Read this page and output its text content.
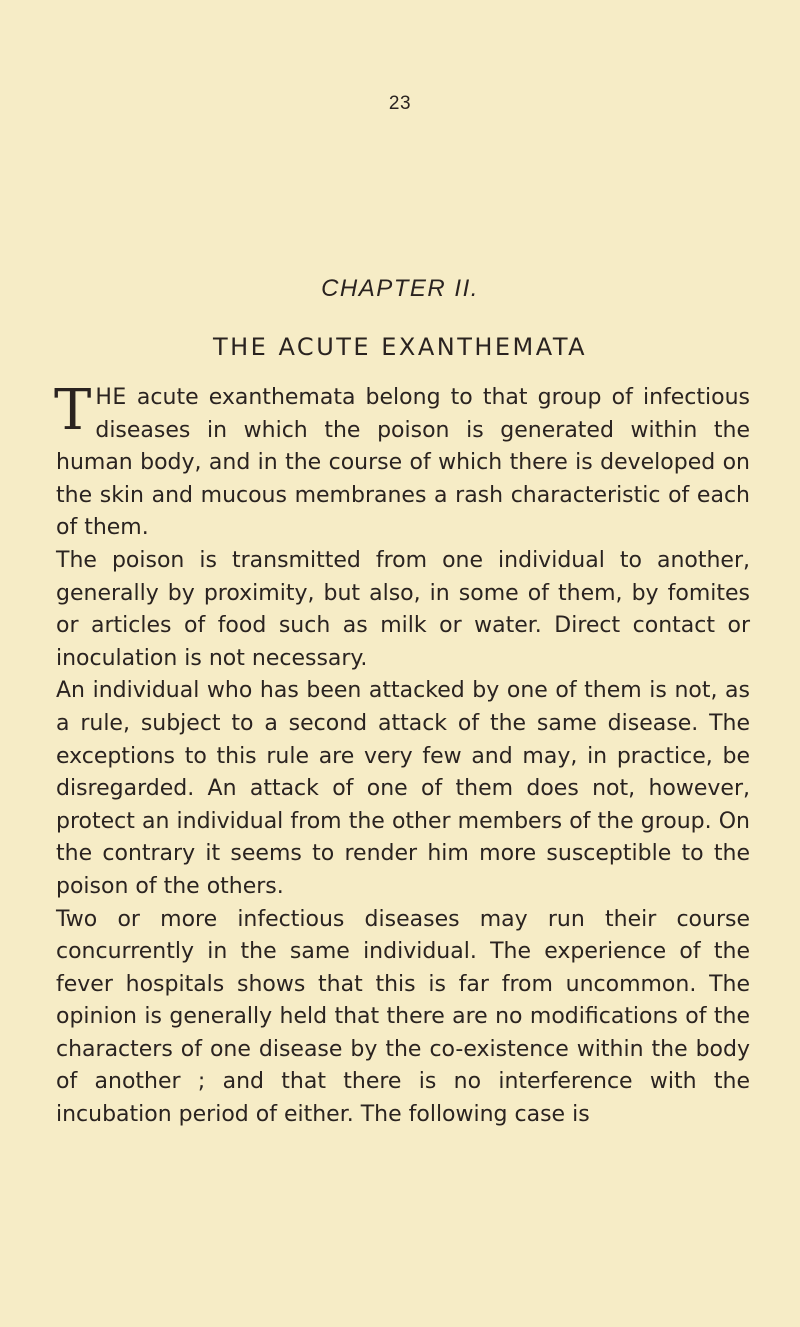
23
CHAPTER II.
THE ACUTE EXANTHEMATA

THE acute exanthemata belong to that group of infectious diseases in which the poison is generated within the human body, and in the course of which there is developed on the skin and mucous membranes a rash characteristic of each of them.

The poison is transmitted from one individual to another, generally by proximity, but also, in some of them, by fomites or articles of food such as milk or water. Direct contact or inoculation is not necessary.

An individual who has been attacked by one of them is not, as a rule, subject to a second attack of the same disease. The exceptions to this rule are very few and may, in practice, be disregarded. An attack of one of them does not, however, protect an individual from the other members of the group. On the contrary it seems to render him more susceptible to the poison of the others.

Two or more infectious diseases may run their course concurrently in the same individual. The experience of the fever hospitals shows that this is far from uncommon. The opinion is generally held that there are no modifications of the characters of one disease by the co-existence within the body of another ; and that there is no interference with the incubation period of either. The following case is
